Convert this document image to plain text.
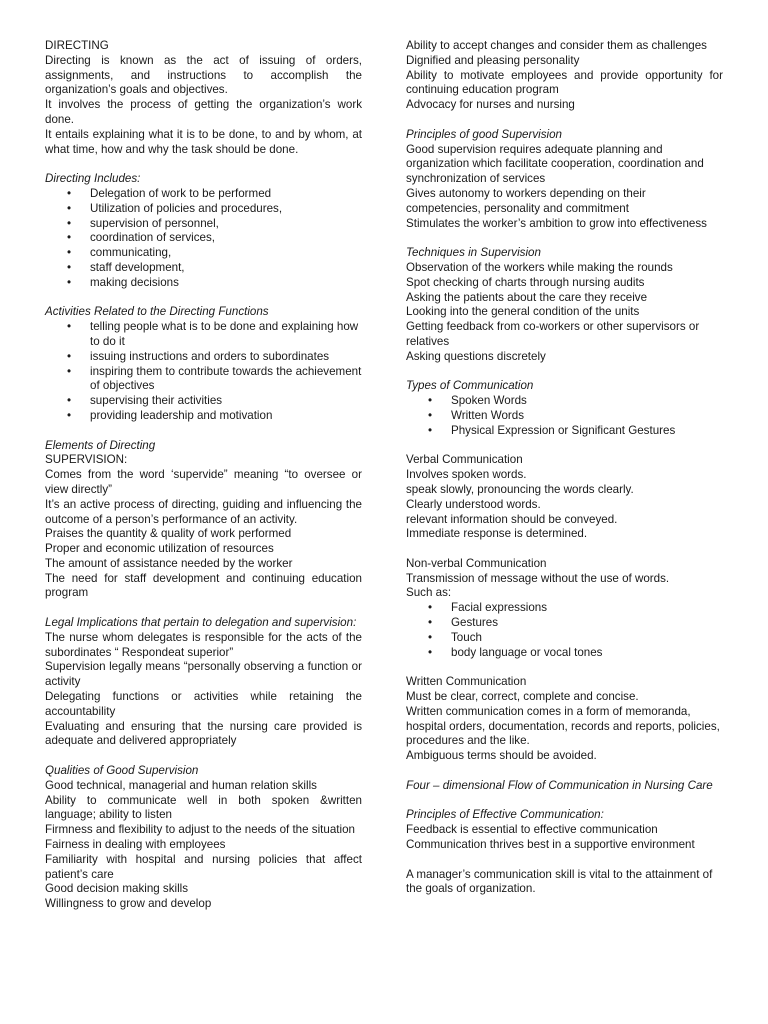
DIRECTING

Directing is known as the act of issuing of orders, assignments, and instructions to accomplish the organization’s goals and objectives.

It involves the process of getting the organization’s work done.

It entails explaining what it is to be done, to and by whom, at what time, how and why the task should be done.

Directing Includes:

• Delegation of work to be performed
• Utilization of policies and procedures,
• supervision of personnel,
• coordination of services,
• communicating,
• staff development,
• making decisions

Activities Related to the Directing Functions

• telling people what is to be done and explaining how to do it
• issuing instructions and orders to subordinates
• inspiring them to contribute towards the achievement of objectives
• supervising their activities
• providing leadership and motivation

Elements of Directing

SUPERVISION:

Comes from the word ‘supervide” meaning “to oversee or view directly”

It’s an active process of directing, guiding and influencing the outcome of a person’s performance of an activity.

Praises the quantity & quality of work performed

Proper and economic utilization of resources

The amount of assistance needed by the worker

The need for staff development and continuing education program

Legal Implications that pertain to delegation and supervision:

The nurse whom delegates is responsible for the acts of the subordinates “ Respondeat superior”

Supervision legally means “personally observing a function or activity

Delegating functions or activities while retaining the accountability

Evaluating and ensuring that the nursing care provided is adequate and delivered appropriately

Qualities of Good Supervision

Good technical, managerial and human relation skills

Ability to communicate well in both spoken &written language; ability to listen

Firmness and flexibility to adjust to the needs of the situation

Fairness in dealing with employees

Familiarity with hospital and nursing policies that affect patient’s care

Good decision making skills

Willingness to grow and develop

Ability to accept changes and consider them as challenges

Dignified and pleasing personality

Ability to motivate employees and provide opportunity for continuing education program

Advocacy for nurses and nursing

Principles of good Supervision

Good supervision requires adequate planning and organization which facilitate cooperation, coordination and synchronization of services

Gives autonomy to workers depending on their competencies, personality and commitment

Stimulates the worker’s ambition to grow into effectiveness

Techniques in Supervision

Observation of the workers while making the rounds

Spot checking of charts through nursing audits

Asking the patients about the care they receive

Looking into the general condition of the units

Getting feedback from co-workers or other supervisors or relatives

Asking questions discretely

Types of Communication

• Spoken Words
• Written Words
• Physical Expression or Significant Gestures

Verbal Communication

Involves spoken words.

speak slowly, pronouncing the words clearly.

Clearly understood words.

relevant information should be conveyed.

Immediate response is determined.

Non-verbal Communication

Transmission of message without the use of words.

Such as:

• Facial expressions
• Gestures
• Touch
• body language or vocal tones

Written Communication

Must be clear, correct, complete and concise.

Written communication comes in a form of memoranda, hospital orders, documentation, records and reports, policies, procedures and the like.

Ambiguous terms should be avoided.

Four – dimensional Flow of Communication in Nursing Care

Principles of Effective Communication:

Feedback is essential to effective communication

Communication thrives best in a supportive environment

A manager’s communication skill is vital to the attainment of the goals of organization.
